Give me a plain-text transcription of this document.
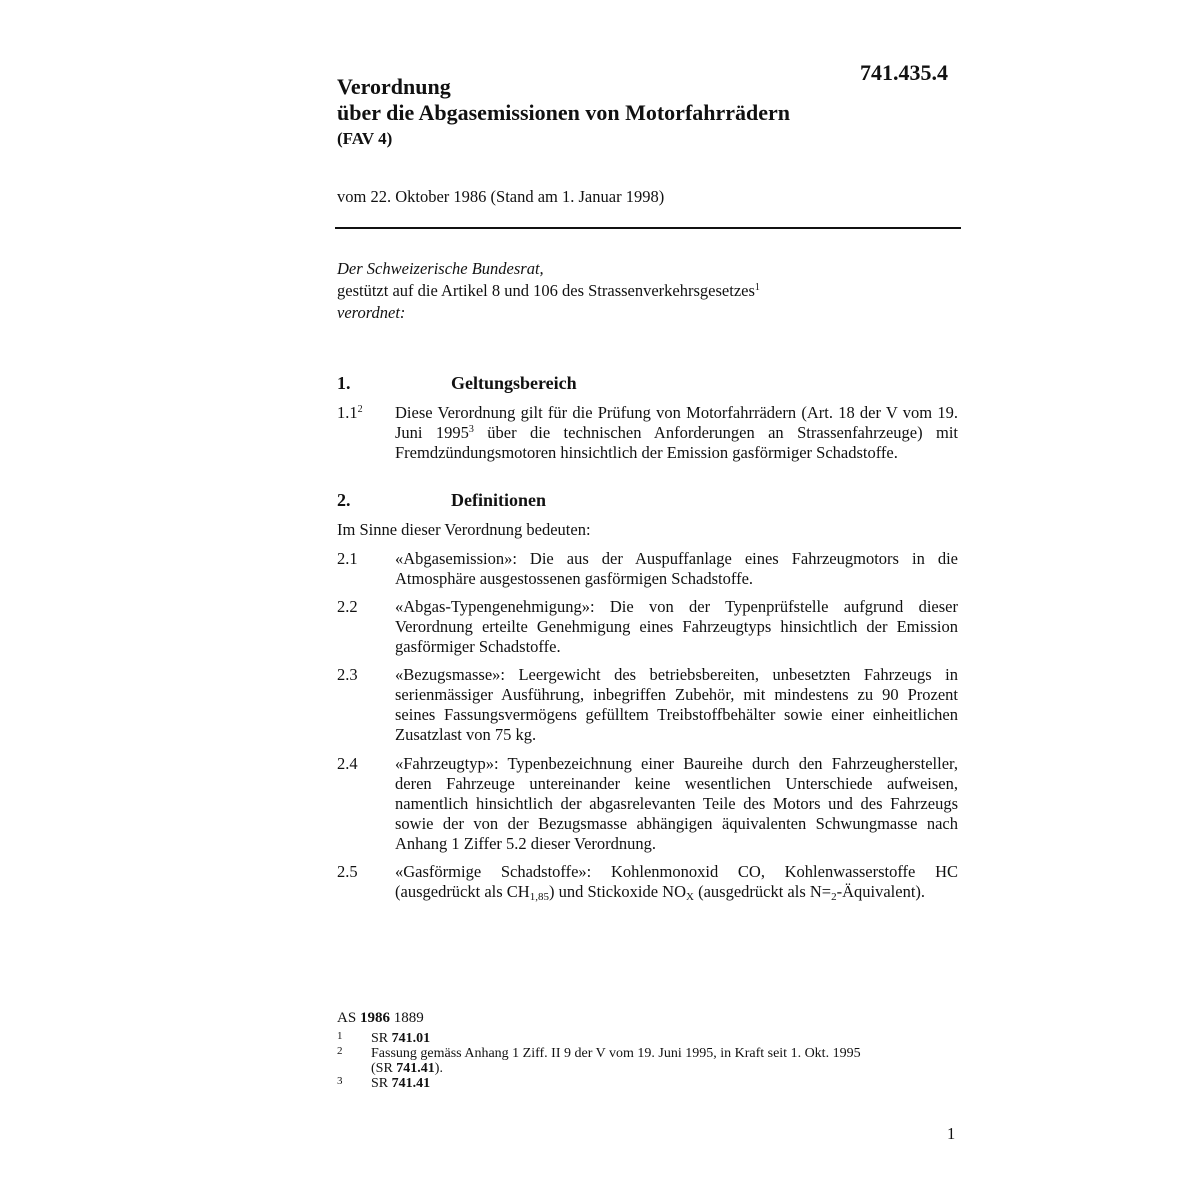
741.435.4
Verordnung
über die Abgasemissionen von Motorfahrrädern
(FAV 4)
vom 22. Oktober 1986 (Stand am 1. Januar 1998)
Der Schweizerische Bundesrat,
gestützt auf die Artikel 8 und 106 des Strassenverkehrsgesetzes$^1$
verordnet:
1.	Geltungsbereich
$1.1^2$ Diese Verordnung gilt für die Prüfung von Motorfahrrädern (Art. 18 der V vom 19. Juni 1995$^3$ über die technischen Anforderungen an Strassenfahrzeuge) mit Fremdzündungsmotoren hinsichtlich der Emission gasförmiger Schadstoffe.
2.	Definitionen
Im Sinne dieser Verordnung bedeuten:
2.1 «Abgasemission»: Die aus der Auspuffanlage eines Fahrzeugmotors in die Atmosphäre ausgestossenen gasförmigen Schadstoffe.
2.2 «Abgas-Typengenehmigung»: Die von der Typenprüfstelle aufgrund dieser Verordnung erteilte Genehmigung eines Fahrzeugtyps hinsichtlich der Emission gasförmiger Schadstoffe.
2.3 «Bezugsmasse»: Leergewicht des betriebsbereiten, unbesetzten Fahrzeugs in serienmässiger Ausführung, inbegriffen Zubehör, mit mindestens zu 90 Prozent seines Fassungsvermögens gefülltem Treibstoffbehälter sowie einer einheitlichen Zusatzlast von 75 kg.
2.4 «Fahrzeugtyp»: Typenbezeichnung einer Baureihe durch den Fahrzeughersteller, deren Fahrzeuge untereinander keine wesentlichen Unterschiede aufweisen, namentlich hinsichtlich der abgasrelevanten Teile des Motors und des Fahrzeugs sowie der von der Bezugsmasse abhängigen äquivalenten Schwungmasse nach Anhang 1 Ziffer 5.2 dieser Verordnung.
2.5 «Gasförmige Schadstoffe»: Kohlenmonoxid CO, Kohlenwasserstoffe HC (ausgedrückt als $CH_{1,85}$) und Stickoxide $NO_X$ (ausgedrückt als $N=_2-Äquivalent$).
AS 1986 1889
1 SR 741.01
2 Fassung gemäss Anhang 1 Ziff. II 9 der V vom 19. Juni 1995, in Kraft seit 1. Okt. 1995
(SR 741.41).
3 SR 741.41
1
